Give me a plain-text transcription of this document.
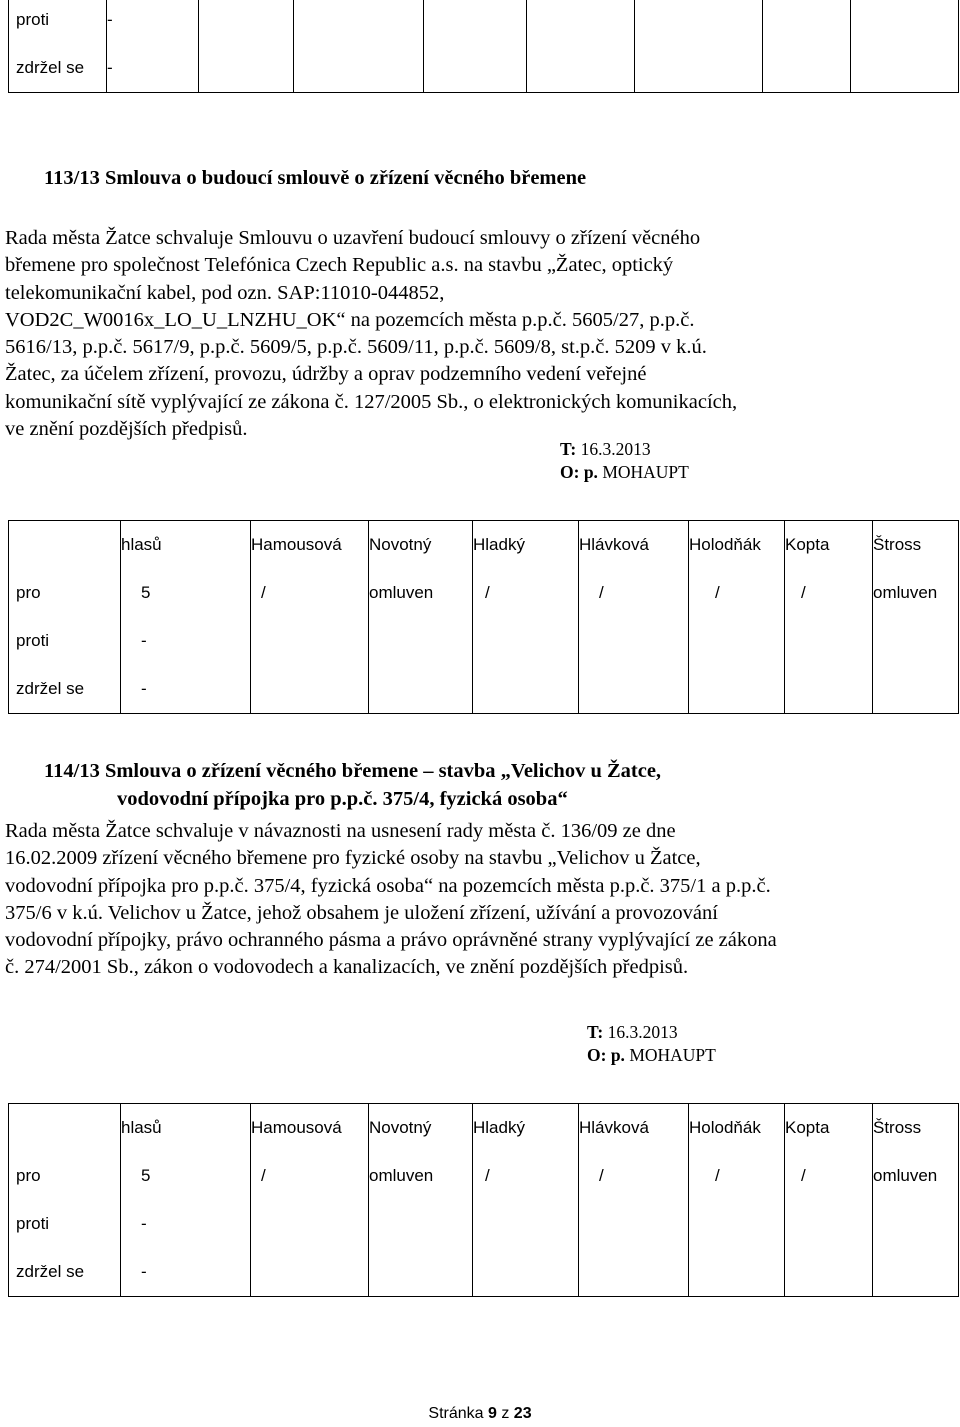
proti	-							
zdržel se	-							
113/13 Smlouva o budoucí smlouvě o zřízení věcného břemene
Rada města Žatce schvaluje Smlouvu o uzavření budoucí smlouvy o zřízení věcného
břemene pro společnost Telefónica Czech Republic a.s. na stavbu „Žatec, optický
telekomunikační kabel, pod ozn. SAP:11010-044852,
VOD2C_W0016x_LO_U_LNZHU_OK“ na pozemcích města p.p.č. 5605/27, p.p.č.
5616/13, p.p.č. 5617/9, p.p.č. 5609/5, p.p.č. 5609/11, p.p.č. 5609/8, st.p.č. 5209 v k.ú.
Žatec, za účelem zřízení, provozu, údržby a oprav podzemního vedení veřejné
komunikační sítě vyplývající ze zákona č. 127/2005 Sb., o elektronických komunikacích,
ve znění pozdějších předpisů.
T: 16.3.2013
O: p. MOHAUPT
	hlasů	Hamousová	Novotný	Hladký	Hlávková	Holodňák	Kopta	Štross
pro	5	/	omluven	/	/	/	/	omluven
proti	-							
zdržel se	-							
114/13 Smlouva o zřízení věcného břemene – stavba „Velichov u Žatce,
vodovodní přípojka pro p.p.č. 375/4, fyzická osoba“
Rada města Žatce schvaluje v návaznosti na usnesení rady města č. 136/09 ze dne
16.02.2009 zřízení věcného břemene pro fyzické osoby na stavbu „Velichov u Žatce,
vodovodní přípojka pro p.p.č. 375/4, fyzická osoba“ na pozemcích města p.p.č. 375/1 a p.p.č.
375/6 v k.ú. Velichov u Žatce, jehož obsahem je uložení zřízení, užívání a provozování
vodovodní přípojky, právo ochranného pásma a právo oprávněné strany vyplývající ze zákona
č. 274/2001 Sb., zákon o vodovodech a kanalizacích, ve znění pozdějších předpisů.
T: 16.3.2013
O: p. MOHAUPT
	hlasů	Hamousová	Novotný	Hladký	Hlávková	Holodňák	Kopta	Štross
pro	5	/	omluven	/	/	/	/	omluven
proti	-							
zdržel se	-							
Stránka 9 z 23
